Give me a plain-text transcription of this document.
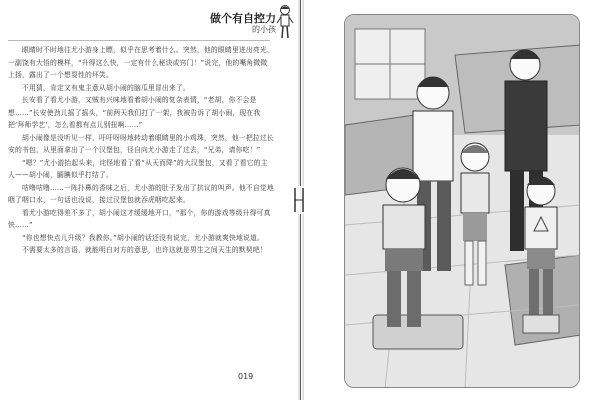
做个有自控力
的小孩

眼睛时不时地往尤小游身上瞟，似乎在思考着什么。突然，他的眼睛里迸出亮光，一副饶有大悟的模样，“升得这么快，一定有什么秘诀或窍门！”说完，他的嘴角微微上扬，露出了一个想耍性的坏笑。

不用猜，肯定又有鬼主意从胡小闹的脑瓜里冒出来了。

长安看了看尤小游，又贼有兴味地看着胡小闹的复杂表情，“老胡，你不会是想……”长安使劲儿摇了摇头，“前两天我们打了一架，我被告诉了胡小闹，现在我把‘拜师学艺’，怎么看都有点儿别扭啊……”

胡小闹像是没听见一样，吁吁呀呀地转动着眼睛里的小鸡珠，突然，他一把拉过长安的书包，从里面拿出了一个汉堡包，径自向尤小游走了过去，“兄弟，请你吃！”

“嗯？”尤小游抬起头来，诧怪地看了看“从天而降”的大汉堡包，又看了看它的主人——胡小闹，腼腆似乎打结了。

咕噜咕噜……一阵扑鼻的香味之后，尤小游的肚子发出了抗议的叫声。他不自觉地咽了咽口水，一句话也没说，接过汉堡包就吞虎咽吃起来。

看尤小游吃得差不多了，胡小闹这才缓缓地开口，“那个，你的游戏等级升得可真快……”

“你也想快点儿升级？我教你。”胡小闹的话还没有说完，尤小游就爽快地说道。

不需要太多的言语，就能明白对方的意思，也许这就是男生之间天生的默契吧！

019
